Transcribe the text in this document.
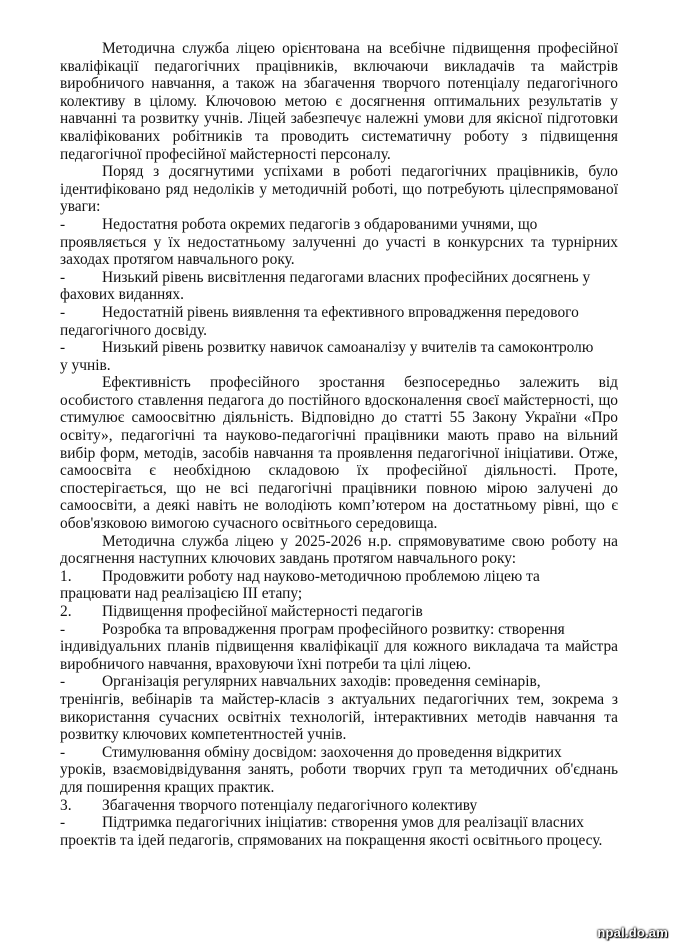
Методична служба ліцею орієнтована на всебічне підвищення професійної кваліфікації педагогічних працівників, включаючи викладачів та майстрів виробничого навчання, а також на збагачення творчого потенціалу педагогічного колективу в цілому. Ключовою метою є досягнення оптимальних результатів у навчанні та розвитку учнів. Ліцей забезпечує належні умови для якісної підготовки кваліфікованих робітників та проводить систематичну роботу з підвищення педагогічної професійної майстерності персоналу.

Поряд з досягнутими успіхами в роботі педагогічних працівників, було ідентифіковано ряд недоліків у методичній роботі, що потребують цілеспрямованої уваги:

-	Недостатня робота окремих педагогів з обдарованими учнями, що

проявляється у їх недостатньому залученні до участі в конкурсних та турнірних заходах протягом навчального року.

-	Низький рівень висвітлення педагогами власних професійних досягнень у

фахових виданнях.

-	Недостатній рівень виявлення та ефективного впровадження передового

педагогічного досвіду.

-	Низький рівень розвитку навичок самоаналізу у вчителів та самоконтролю

у учнів.

Ефективність професійного зростання безпосередньо залежить від особистого ставлення педагога до постійного вдосконалення своєї майстерності, що стимулює самоосвітню діяльність. Відповідно до статті 55 Закону України «Про освіту», педагогічні та науково-педагогічні працівники мають право на вільний вибір форм, методів, засобів навчання та проявлення педагогічної ініціативи. Отже, самоосвіта є необхідною складовою їх професійної діяльності. Проте, спостерігається, що не всі педагогічні працівники повною мірою залучені до самоосвіти, а деякі навіть не володіють комп’ютером на достатньому рівні, що є обов'язковою вимогою сучасного освітнього середовища.

Методична служба ліцею у 2025-2026 н.р. спрямовуватиме свою роботу на досягнення наступних ключових завдань протягом навчального року:

1.	Продовжити роботу над науково-методичною проблемою ліцею та

працювати над реалізацією ІІІ етапу;

2.	Підвищення професійної майстерності педагогів
-	Розробка та впровадження програм професійного розвитку: створення

індивідуальних планів підвищення кваліфікації для кожного викладача та майстра виробничого навчання, враховуючи їхні потреби та цілі ліцею.

-	Організація регулярних навчальних заходів: проведення семінарів,

тренінгів, вебінарів та майстер-класів з актуальних педагогічних тем, зокрема з використання сучасних освітніх технологій, інтерактивних методів навчання та розвитку ключових компетентностей учнів.

-	Стимулювання обміну досвідом: заохочення до проведення відкритих

уроків, взаємовідвідування занять, роботи творчих груп та методичних об'єднань для поширення кращих практик.

3.	Збагачення творчого потенціалу педагогічного колективу
-	Підтримка педагогічних ініціатив: створення умов для реалізації власних

проектів та ідей педагогів, спрямованих на покращення якості освітнього процесу.

npal.do.am
